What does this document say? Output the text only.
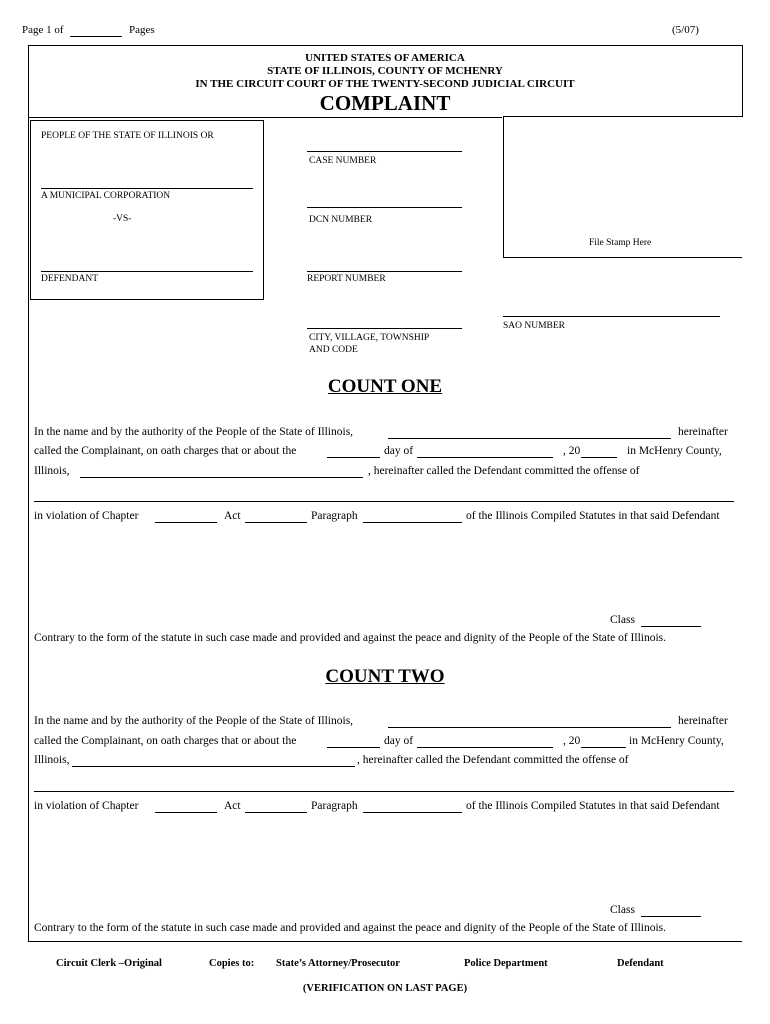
Page 1 of	Pages	(5/07)
UNITED STATES OF AMERICA
STATE OF ILLINOIS, COUNTY OF MCHENRY
IN THE CIRCUIT COURT OF THE TWENTY-SECOND JUDICIAL CIRCUIT
COMPLAINT
PEOPLE OF THE STATE OF ILLINOIS OR
A MUNICIPAL CORPORATION
-VS-
DEFENDANT
CASE NUMBER
DCN NUMBER
REPORT NUMBER
CITY, VILLAGE, TOWNSHIP
AND CODE
File Stamp Here
SAO NUMBER
COUNT ONE
In the name and by the authority of the People of the State of Illinois,	hereinafter
called the Complainant, on oath charges that or about the	day of	, 20	in McHenry County,
Illinois,	, hereinafter called the Defendant committed the offense of
in violation of Chapter	Act	Paragraph	of the Illinois Compiled Statutes in that said Defendant
Class
Contrary to the form of the statute in such case made and provided and against the peace and dignity of the People of the State of Illinois.
COUNT TWO
In the name and by the authority of the People of the State of Illinois,	hereinafter
called the Complainant, on oath charges that or about the	day of	, 20	in McHenry County,
Illinois,	, hereinafter called the Defendant committed the offense of
in violation of Chapter	Act	Paragraph	of the Illinois Compiled Statutes in that said Defendant
Class
Contrary to the form of the statute in such case made and provided and against the peace and dignity of the People of the State of Illinois.
Circuit Clerk –Original	Copies to: State’s Attorney/Prosecutor	Police Department	Defendant
(VERIFICATION ON LAST PAGE)
